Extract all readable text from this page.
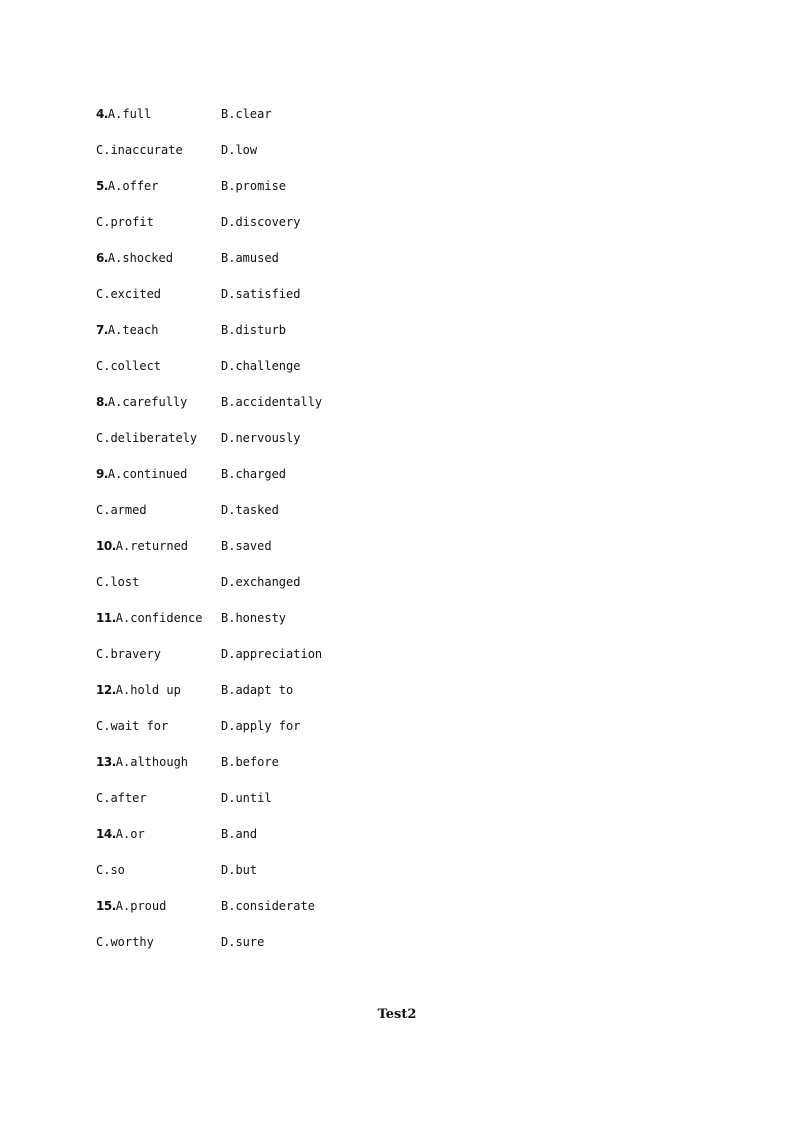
4.A.full	B.clear
C.inaccurate	D.low
5.A.offer	B.promise
C.profit	D.discovery
6.A.shocked	B.amused
C.excited	D.satisfied
7.A.teach	B.disturb
C.collect	D.challenge
8.A.carefully	B.accidentally
C.deliberately D.nervously
9.A.continued	B.charged
C.armed	D.tasked
10.A.returned	B.saved
C.lost	D.exchanged
11.A.confidence B.honesty
C.bravery	D.appreciation
12.A.hold up	B.adapt to
C.wait for	D.apply for
13.A.although	B.before
C.after	D.until
14.A.or	B.and
C.so	D.but
15.A.proud	B.considerate
C.worthy	D.sure
Test2
